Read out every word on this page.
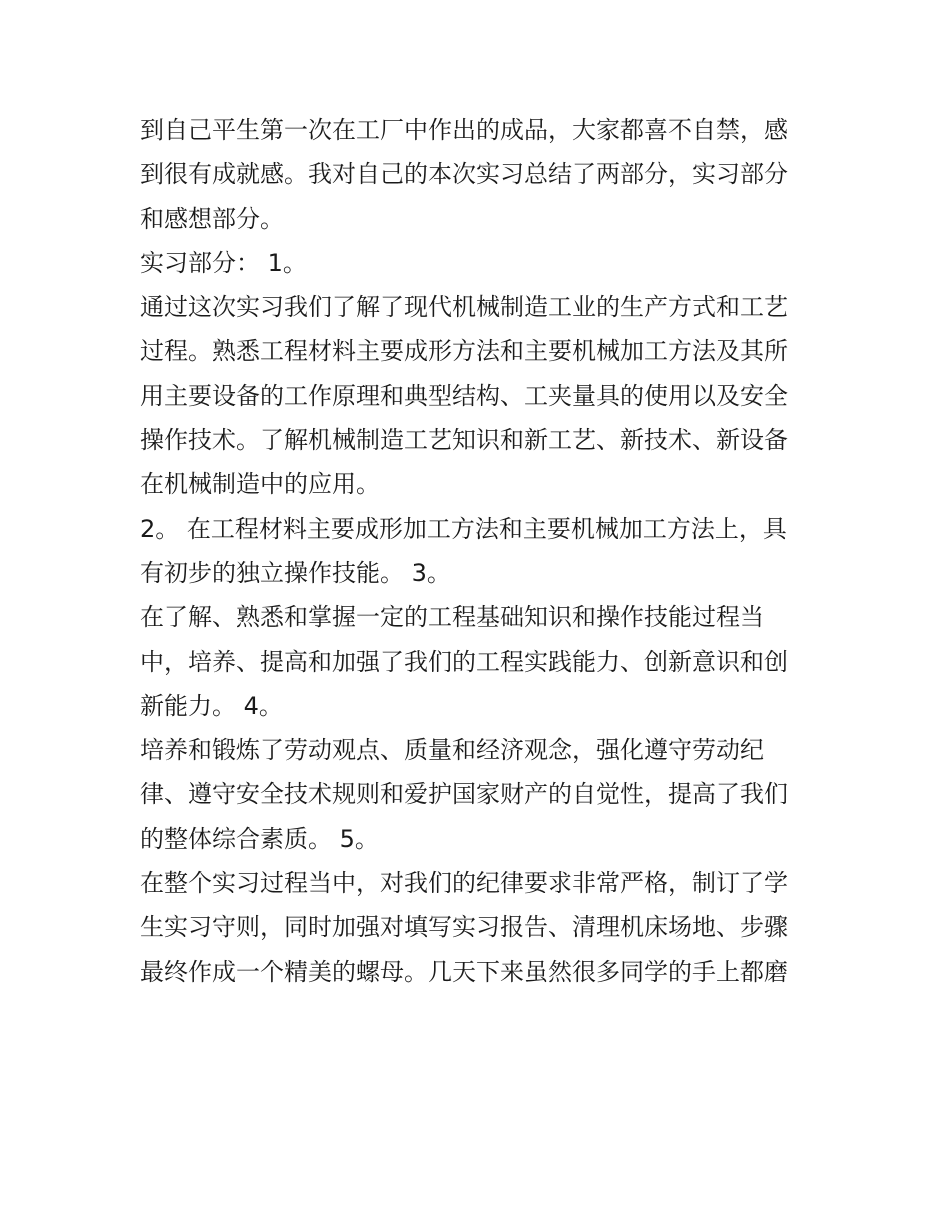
到自己平生第一次在工厂中作出的成品，大家都喜不自禁，感
到很有成就感。我对自己的本次实习总结了两部分，实习部分
和感想部分。
实习部分： 1。
通过这次实习我们了解了现代机械制造工业的生产方式和工艺
过程。熟悉工程材料主要成形方法和主要机械加工方法及其所
用主要设备的工作原理和典型结构、工夹量具的使用以及安全
操作技术。了解机械制造工艺知识和新工艺、新技术、新设备
在机械制造中的应用。
2。 在工程材料主要成形加工方法和主要机械加工方法上，具
有初步的独立操作技能。 3。
在了解、熟悉和掌握一定的工程基础知识和操作技能过程当
中，培养、提高和加强了我们的工程实践能力、创新意识和创
新能力。 4。
培养和锻炼了劳动观点、质量和经济观念，强化遵守劳动纪
律、遵守安全技术规则和爱护国家财产的自觉性，提高了我们
的整体综合素质。 5。
在整个实习过程当中，对我们的纪律要求非常严格，制订了学
生实习守则，同时加强对填写实习报告、清理机床场地、步骤
最终作成一个精美的螺母。几天下来虽然很多同学的手上都磨
